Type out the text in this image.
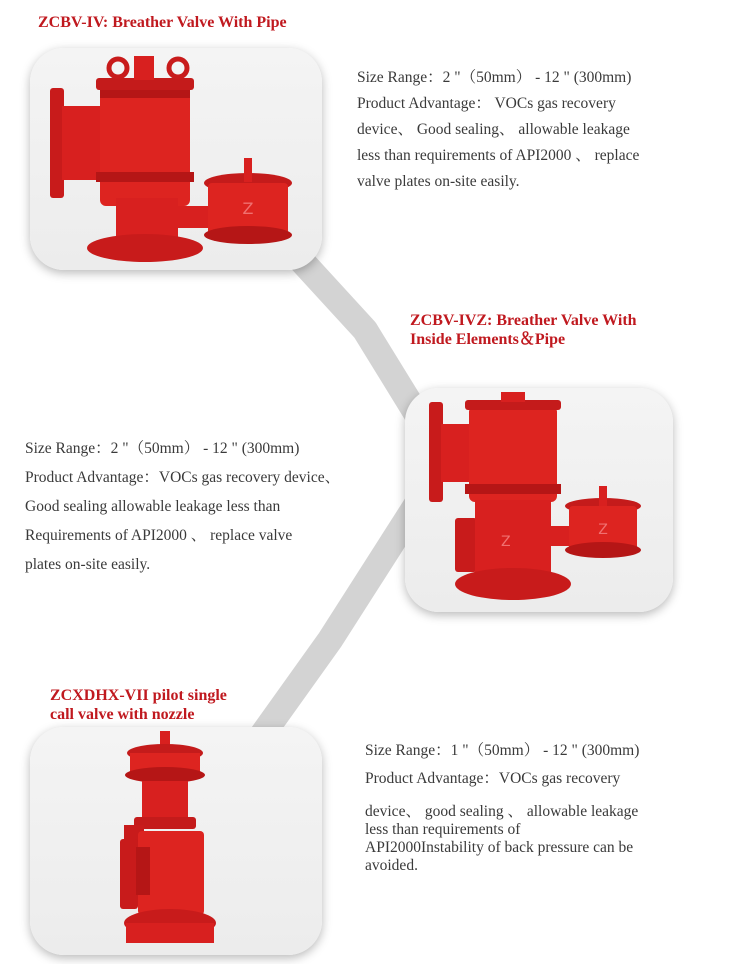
ZCBV-IV: Breather Valve With Pipe
Z

Size Range：2 "（50mm） - 12 " (300mm)

Product Advantage： VOCs gas recovery

device、 Good sealing、 allowable leakage

less than requirements of API2000 、 replace

valve plates on-site easily.

ZCBV-IVZ: Breather Valve With
Inside Elements＆Pipe

Size Range：2 "（50mm） - 12 " (300mm)

Product Advantage：VOCs gas recovery device、

Good sealing allowable leakage less than

Requirements of API2000 、 replace valve

plates on-site easily.

Z
Z
ZCXDHX-VII pilot single
call valve with nozzle

Size Range：1 "（50mm） - 12 " (300mm)

Product Advantage：VOCs gas recovery

device、 good sealing 、 allowable leakage

less than requirements of

API2000Instability of back pressure can be

avoided.
